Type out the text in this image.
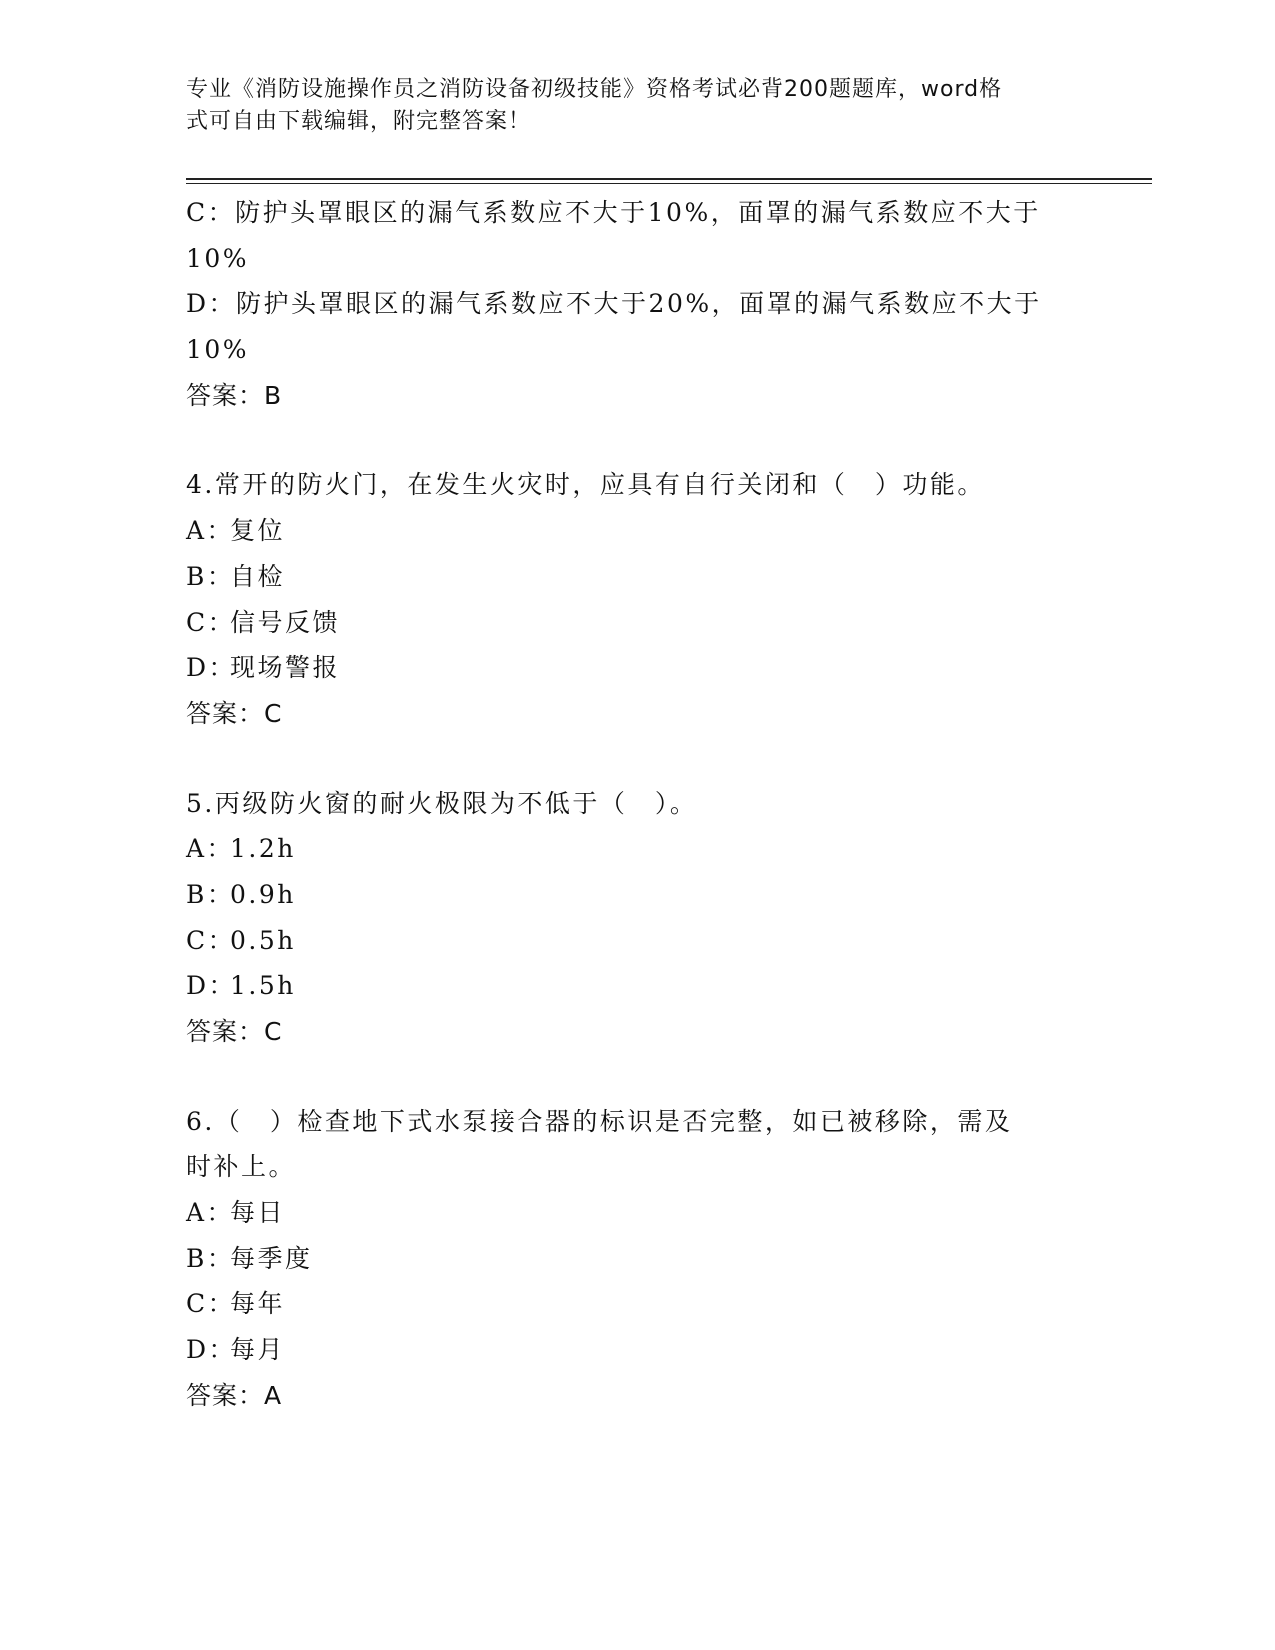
专业《消防设施操作员之消防设备初级技能》资格考试必背200题题库，word格
式可自由下载编辑，附完整答案！
C：防护头罩眼区的漏气系数应不大于10%，面罩的漏气系数应不大于
10%
D：防护头罩眼区的漏气系数应不大于20%，面罩的漏气系数应不大于
10%
答案：B
4.常开的防火门，在发生火灾时，应具有自行关闭和（　）功能。
A：复位
B：自检
C：信号反馈
D：现场警报
答案：C
5.丙级防火窗的耐火极限为不低于（　）。
A：1.2h
B：0.9h
C：0.5h
D：1.5h
答案：C
6.（　）检查地下式水泵接合器的标识是否完整，如已被移除，需及
时补上。
A：每日
B：每季度
C：每年
D：每月
答案：A
